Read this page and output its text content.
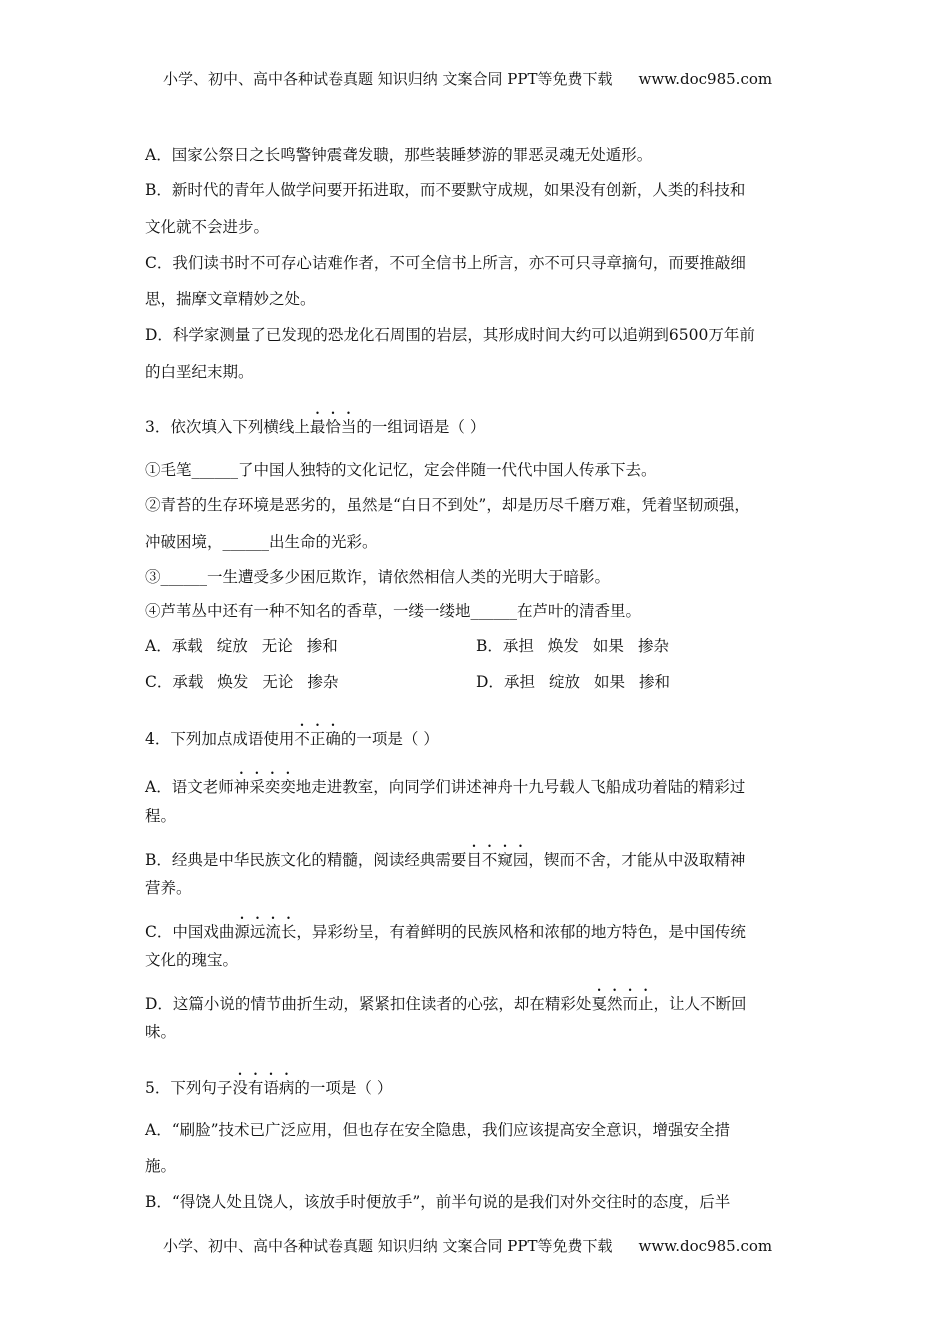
小学、初中、高中各种试卷真题 知识归纳 文案合同 PPT等免费下载 www.doc985.com
A．国家公祭日之长鸣警钟震聋发聩，那些装睡梦游的罪恶灵魂无处遁形。
B．新时代的青年人做学问要开拓进取，而不要默守成规，如果没有创新，人类的科技和
文化就不会进步。
C．我们读书时不可存心诘难作者，不可全信书上所言，亦不可只寻章摘句，而要推敲细
思，揣摩文章精妙之处。
D．科学家测量了已发现的恐龙化石周围的岩层，其形成时间大约可以追朔到6500万年前
的白垩纪末期。
3．依次填入下列横线上最恰当的一组词语是（ ）
①毛笔______了中国人独特的文化记忆，定会伴随一代代中国人传承下去。
②青苔的生存环境是恶劣的，虽然是“白日不到处”，却是历尽千磨万难，凭着坚韧顽强，
冲破困境，______出生命的光彩。
③______一生遭受多少困厄欺诈，请依然相信人类的光明大于暗影。
④芦苇丛中还有一种不知名的香草，一缕一缕地______在芦叶的清香里。
A．承载 绽放 无论 掺和	B．承担 焕发 如果 掺杂
C．承载 焕发 无论 掺杂	D．承担 绽放 如果 掺和
4．下列加点成语使用不正确的一项是（ ）
A．语文老师神采奕奕地走进教室，向同学们讲述神舟十九号载人飞船成功着陆的精彩过
程。
B．经典是中华民族文化的精髓，阅读经典需要目不窥园，锲而不舍，才能从中汲取精神
营养。
C．中国戏曲源远流长，异彩纷呈，有着鲜明的民族风格和浓郁的地方特色，是中国传统
文化的瑰宝。
D．这篇小说的情节曲折生动，紧紧扣住读者的心弦，却在精彩处戛然而止，让人不断回
味。
5．下列句子没有语病的一项是（ ）
A．“刷脸”技术已广泛应用，但也存在安全隐患，我们应该提高安全意识，增强安全措
施。
B．“得饶人处且饶人，该放手时便放手”，前半句说的是我们对外交往时的态度，后半
小学、初中、高中各种试卷真题 知识归纳 文案合同 PPT等免费下载 www.doc985.com
